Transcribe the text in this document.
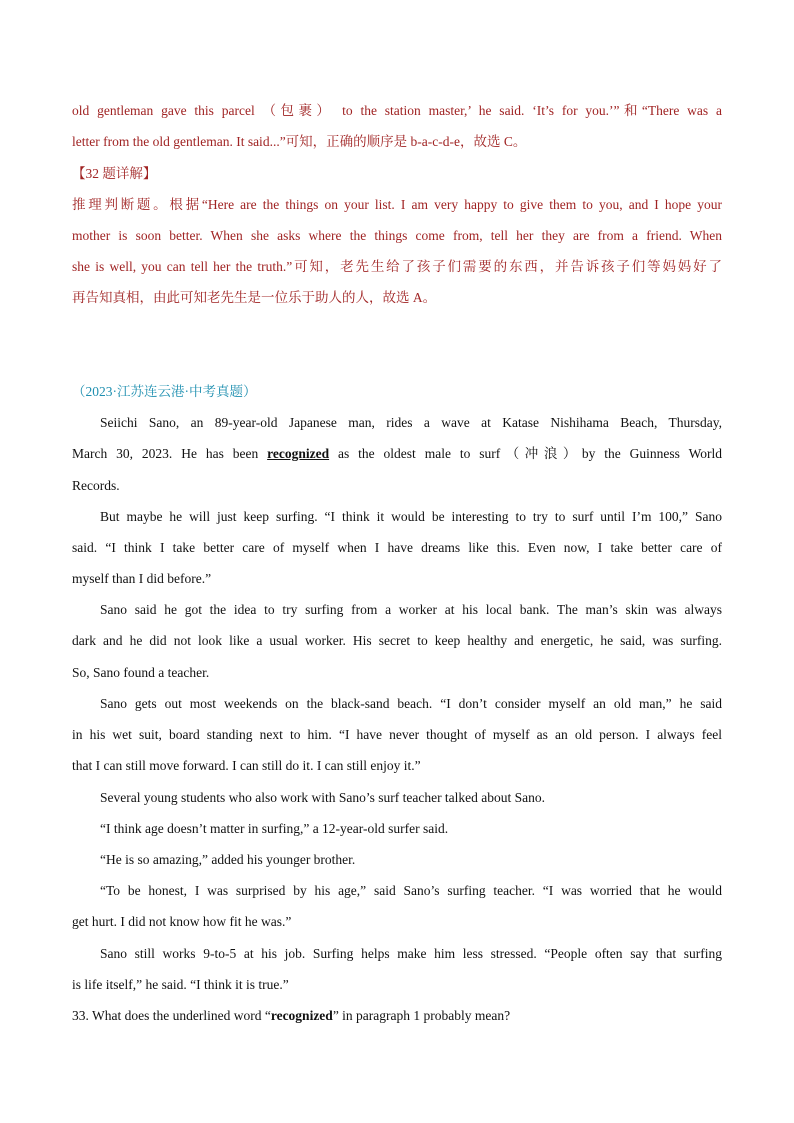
old gentleman gave this parcel （包裹） to the station master,’ he said. ‘It’s for you.’”和“There was a
letter from the old gentleman. It said...”可知，正确的顺序是 b-a-c-d-e，故选 C。
【32 题详解】
推理判断题。根据“Here are the things on your list. I am very happy to give them to you, and I hope your
mother is soon better. When she asks where the things come from, tell her they are from a friend. When
she is well, you can tell her the truth.”可知，老先生给了孩子们需要的东西，并告诉孩子们等妈妈好了
再告知真相，由此可知老先生是一位乐于助人的人，故选 A。
（2023·江苏连云港·中考真题）
Seiichi Sano, an 89-year-old Japanese man, rides a wave at Katase Nishihama Beach, Thursday,
March 30, 2023. He has been recognized as the oldest male to surf（冲浪）by the Guinness World
Records.
But maybe he will just keep surfing. “I think it would be interesting to try to surf until I’m 100,” Sano
said. “I think I take better care of myself when I have dreams like this. Even now, I take better care of
myself than I did before.”
Sano said he got the idea to try surfing from a worker at his local bank. The man’s skin was always
dark and he did not look like a usual worker. His secret to keep healthy and energetic, he said, was surfing.
So, Sano found a teacher.
Sano gets out most weekends on the black-sand beach. “I don’t consider myself an old man,” he said
in his wet suit, board standing next to him. “I have never thought of myself as an old person. I always feel
that I can still move forward. I can still do it. I can still enjoy it.”
Several young students who also work with Sano’s surf teacher talked about Sano.
“I think age doesn’t matter in surfing,” a 12-year-old surfer said.
“He is so amazing,” added his younger brother.
“To be honest, I was surprised by his age,” said Sano’s surfing teacher. “I was worried that he would
get hurt. I did not know how fit he was.”
Sano still works 9-to-5 at his job. Surfing helps make him less stressed. “People often say that surfing
is life itself,” he said. “I think it is true.”
33. What does the underlined word “recognized” in paragraph 1 probably mean?
